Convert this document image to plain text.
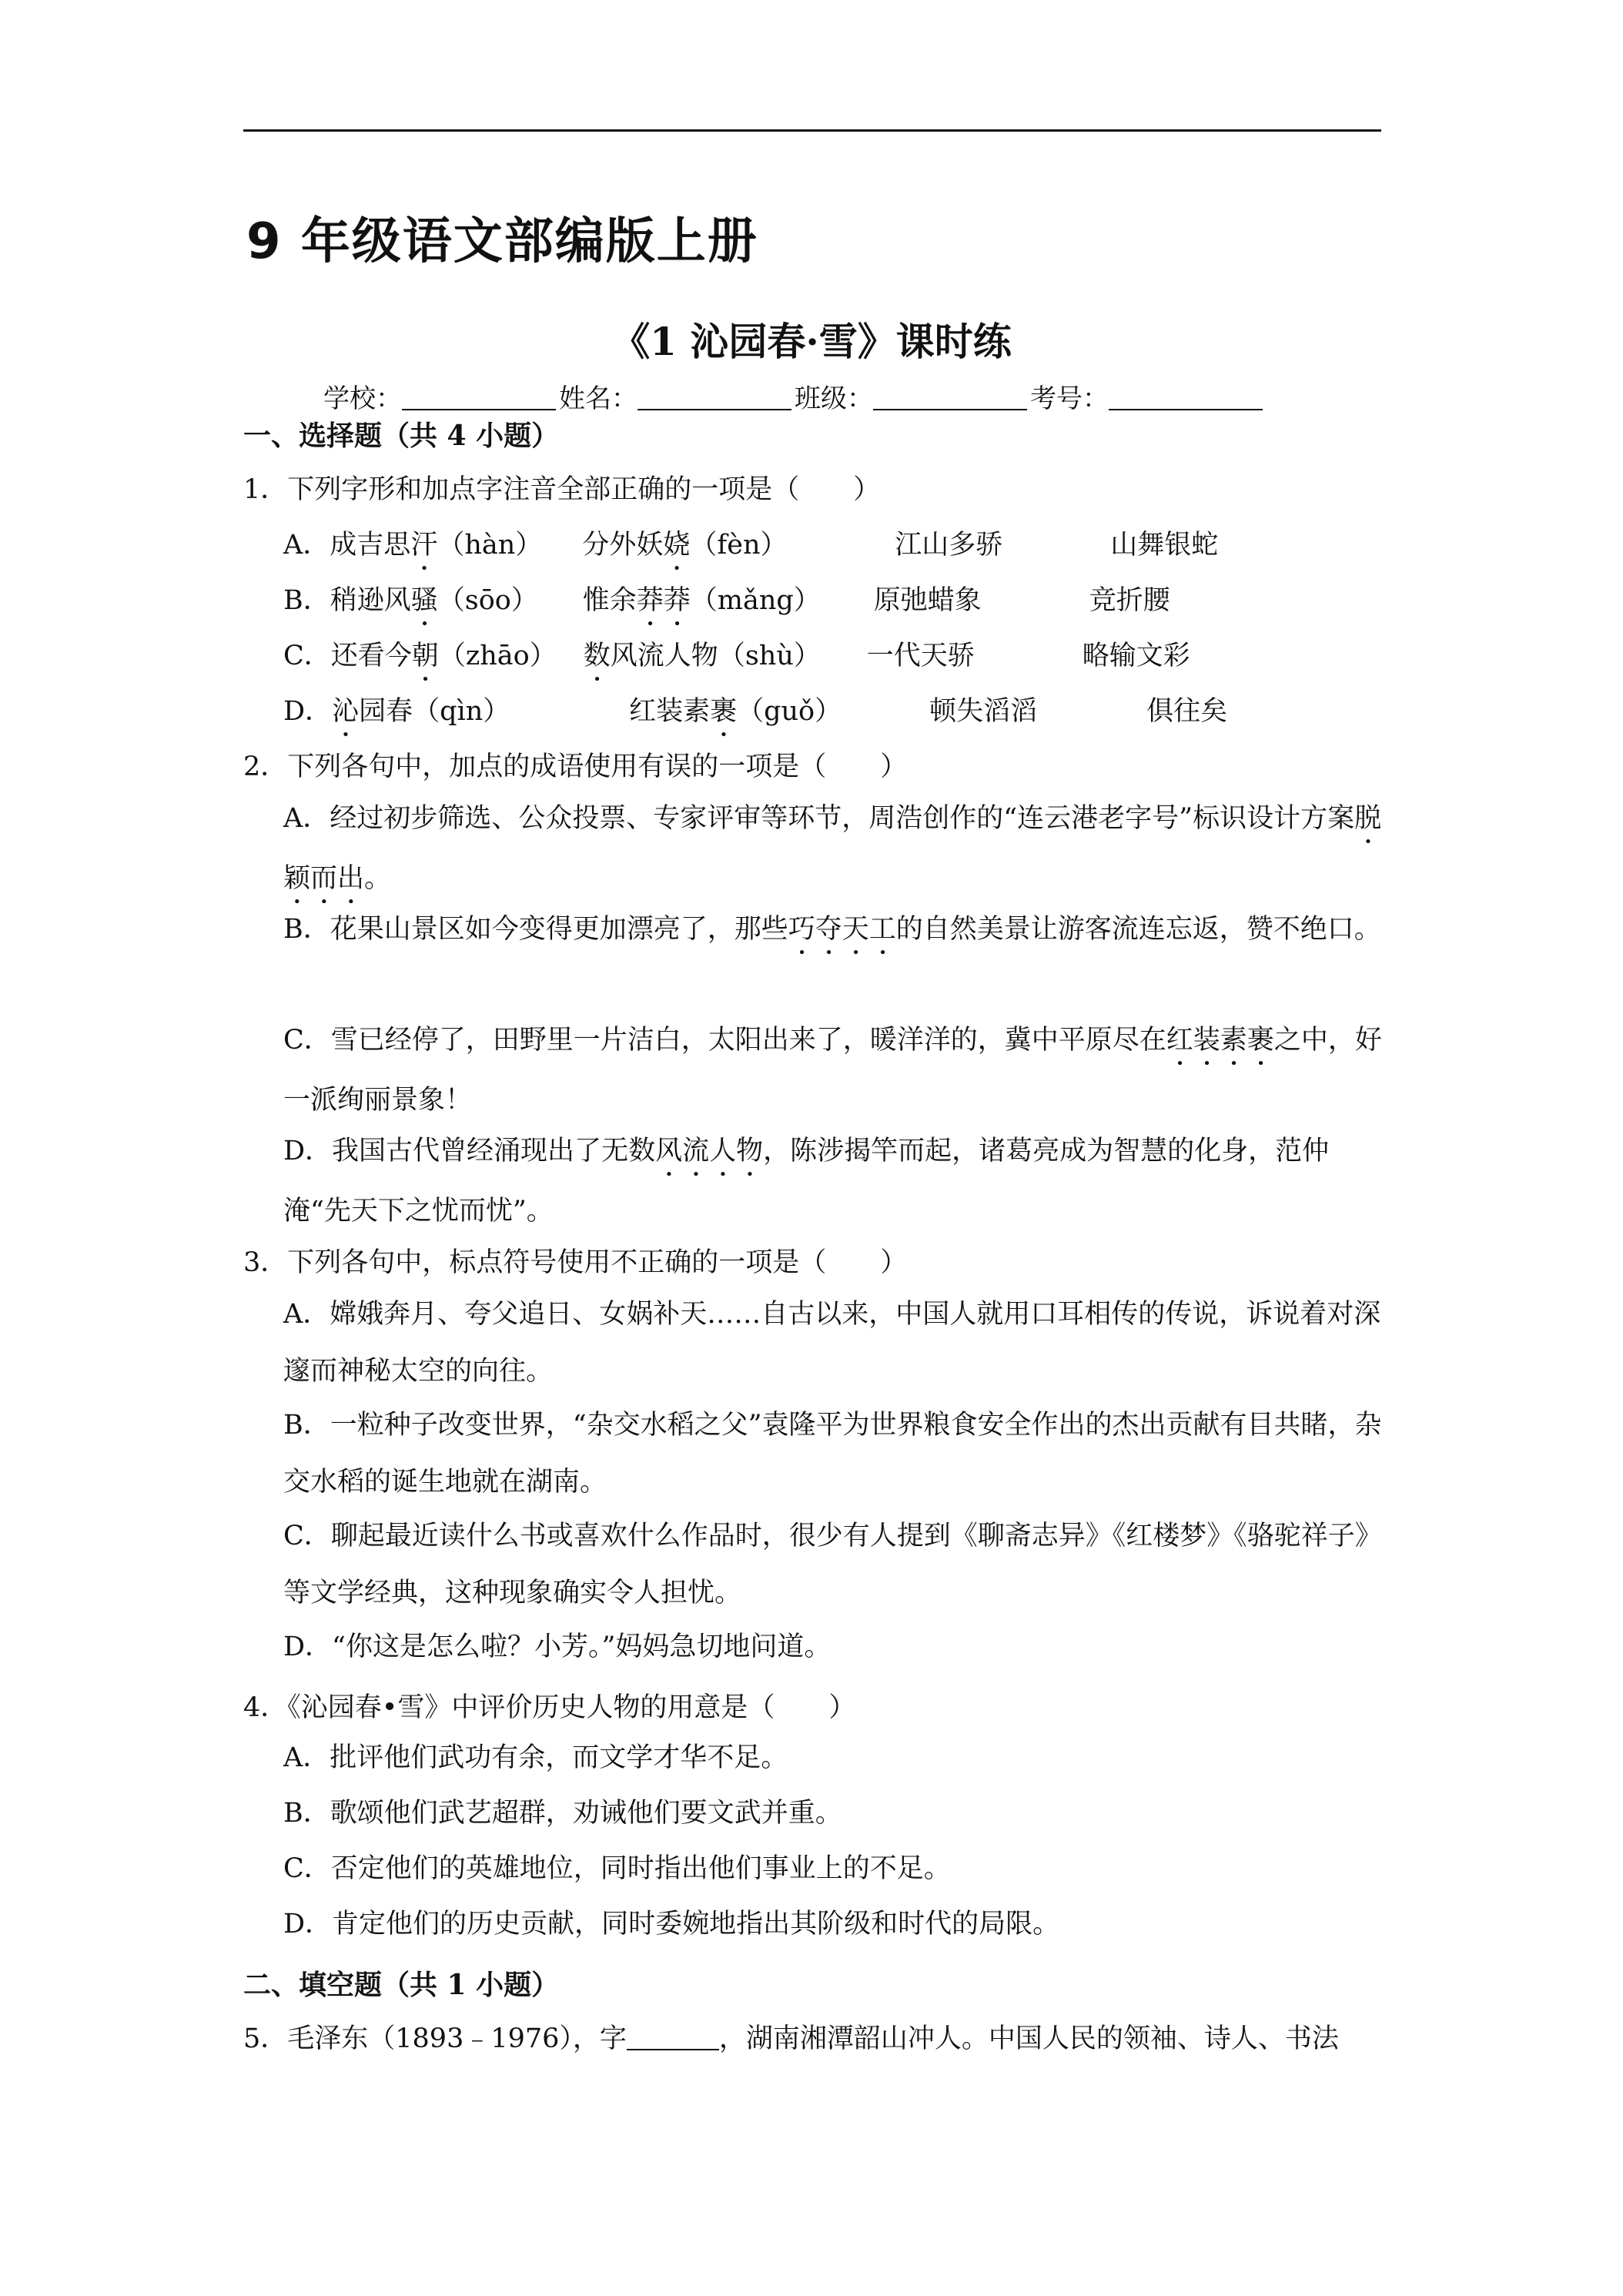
9 年级语文部编版上册
《1 沁园春·雪》课时练
学校：	姓名：	班级：	考号：
一、选择题（共 4 小题）
1．下列字形和加点字注音全部正确的一项是（　　）
A．成吉思汗（hàn） 分外妖娆（fèn）	江山多骄	山舞银蛇
B．稍逊风骚（sōo） 惟余莽莽（mǎng） 原弛蜡象	竞折腰
C．还看今朝（zhāo） 数风流人物（shù） 一代天骄	略输文彩
D．沁园春（qìn）	红装素裹（guǒ）	顿失滔滔	俱往矣
2．下列各句中，加点的成语使用有误的一项是（　　）
A．经过初步筛选、公众投票、专家评审等环节，周浩创作的“连云港老字号”标识设计方案脱颖而出。
B．花果山景区如今变得更加漂亮了，那些巧夺天工的自然美景让游客流连忘返，赞不绝口。
C．雪已经停了，田野里一片洁白，太阳出来了，暖洋洋的，冀中平原尽在红装素裹之中，好一派绚丽景象！
D．我国古代曾经涌现出了无数风流人物，陈涉揭竿而起，诸葛亮成为智慧的化身，范仲淹“先天下之忧而忧”。
3．下列各句中，标点符号使用不正确的一项是（　　）
A．嫦娥奔月、夸父追日、女娲补天……自古以来，中国人就用口耳相传的传说，诉说着对深邃而神秘太空的向往。
B．一粒种子改变世界，“杂交水稻之父”袁隆平为世界粮食安全作出的杰出贡献有目共睹，杂交水稻的诞生地就在湖南。
C．聊起最近读什么书或喜欢什么作品时，很少有人提到《聊斋志异》《红楼梦》《骆驼祥子》等文学经典，这种现象确实令人担忧。
D．“你这是怎么啦？小芳。”妈妈急切地问道。
4．《沁园春•雪》中评价历史人物的用意是（　　）
A．批评他们武功有余，而文学才华不足。
B．歌颂他们武艺超群，劝诫他们要文武并重。
C．否定他们的英雄地位，同时指出他们事业上的不足。
D．肯定他们的历史贡献，同时委婉地指出其阶级和时代的局限。
二、填空题（共 1 小题）
5．毛泽东（1893﹣1976），字	，湖南湘潭韶山冲人。中国人民的领袖、诗人、书法
